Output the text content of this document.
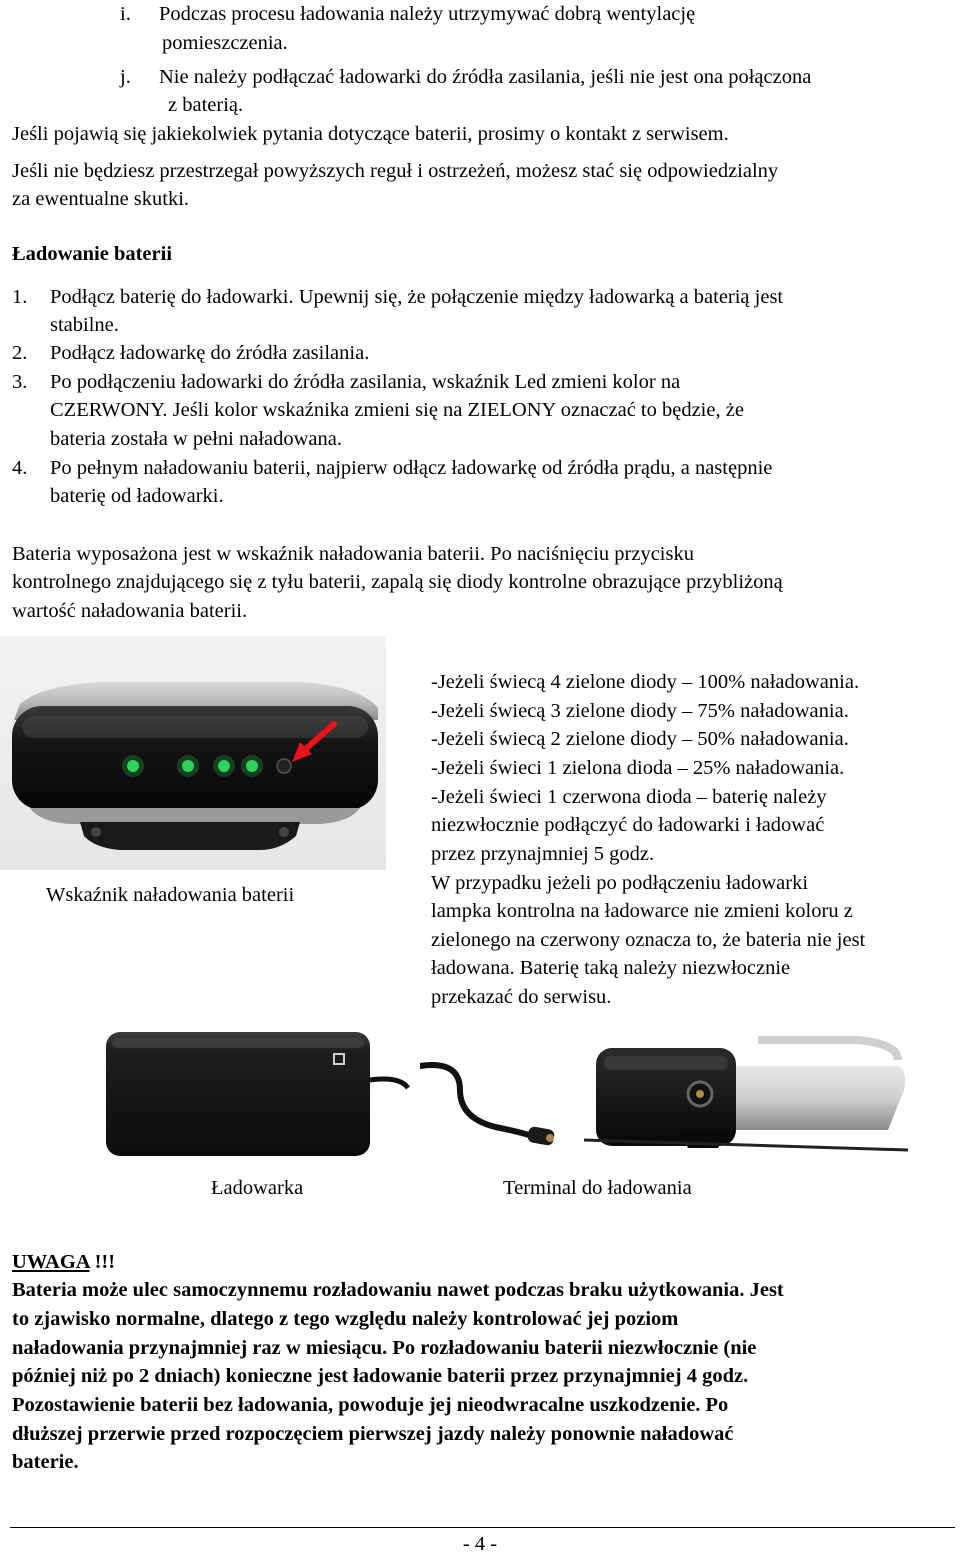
i. Podczas procesu ładowania należy utrzymywać dobrą wentylację
pomieszczenia.
j. Nie należy podłączać ładowarki do źródła zasilania, jeśli nie jest ona połączona
z baterią.
Jeśli pojawią się jakiekolwiek pytania dotyczące baterii, prosimy o kontakt z serwisem.
Jeśli nie będziesz przestrzegał powyższych reguł i ostrzeżeń, możesz stać się odpowiedzialny
za ewentualne skutki.
Ładowanie baterii
1. Podłącz baterię do ładowarki. Upewnij się, że połączenie między ładowarką a baterią jest
stabilne.
2. Podłącz ładowarkę do źródła zasilania.
3. Po podłączeniu ładowarki do źródła zasilania, wskaźnik Led zmieni kolor na
CZERWONY. Jeśli kolor wskaźnika zmieni się na ZIELONY oznaczać to będzie, że
bateria została w pełni naładowana.
4. Po pełnym naładowaniu baterii, najpierw odłącz ładowarkę od źródła prądu, a następnie
baterię od ładowarki.
Bateria wyposażona jest w wskaźnik naładowania baterii. Po naciśnięciu przycisku
kontrolnego znajdującego się z tyłu baterii, zapalą się diody kontrolne obrazujące przybliżoną
wartość naładowania baterii.
Wskaźnik naładowania baterii
-Jeżeli świecą 4 zielone diody – 100% naładowania.
-Jeżeli świecą 3 zielone diody – 75% naładowania.
-Jeżeli świecą 2 zielone diody – 50% naładowania.
-Jeżeli świeci 1 zielona dioda – 25% naładowania.
-Jeżeli świeci 1 czerwona dioda – baterię należy
niezwłocznie podłączyć do ładowarki i ładować
przez przynajmniej 5 godz.
W przypadku jeżeli po podłączeniu ładowarki
lampka kontrolna na ładowarce nie zmieni koloru z
zielonego na czerwony oznacza to, że bateria nie jest
ładowana. Baterię taką należy niezwłocznie
przekazać do serwisu.
Ładowarka	Terminal do ładowania
UWAGA !!!
Bateria może ulec samoczynnemu rozładowaniu nawet podczas braku użytkowania. Jest
to zjawisko normalne, dlatego z tego względu należy kontrolować jej poziom
naładowania przynajmniej raz w miesiącu. Po rozładowaniu baterii niezwłocznie (nie
później niż po 2 dniach) konieczne jest ładowanie baterii przez przynajmniej 4 godz.
Pozostawienie baterii bez ładowania, powoduje jej nieodwracalne uszkodzenie. Po
dłuższej przerwie przed rozpoczęciem pierwszej jazdy należy ponownie naładować
bateriе.
- 4 -
